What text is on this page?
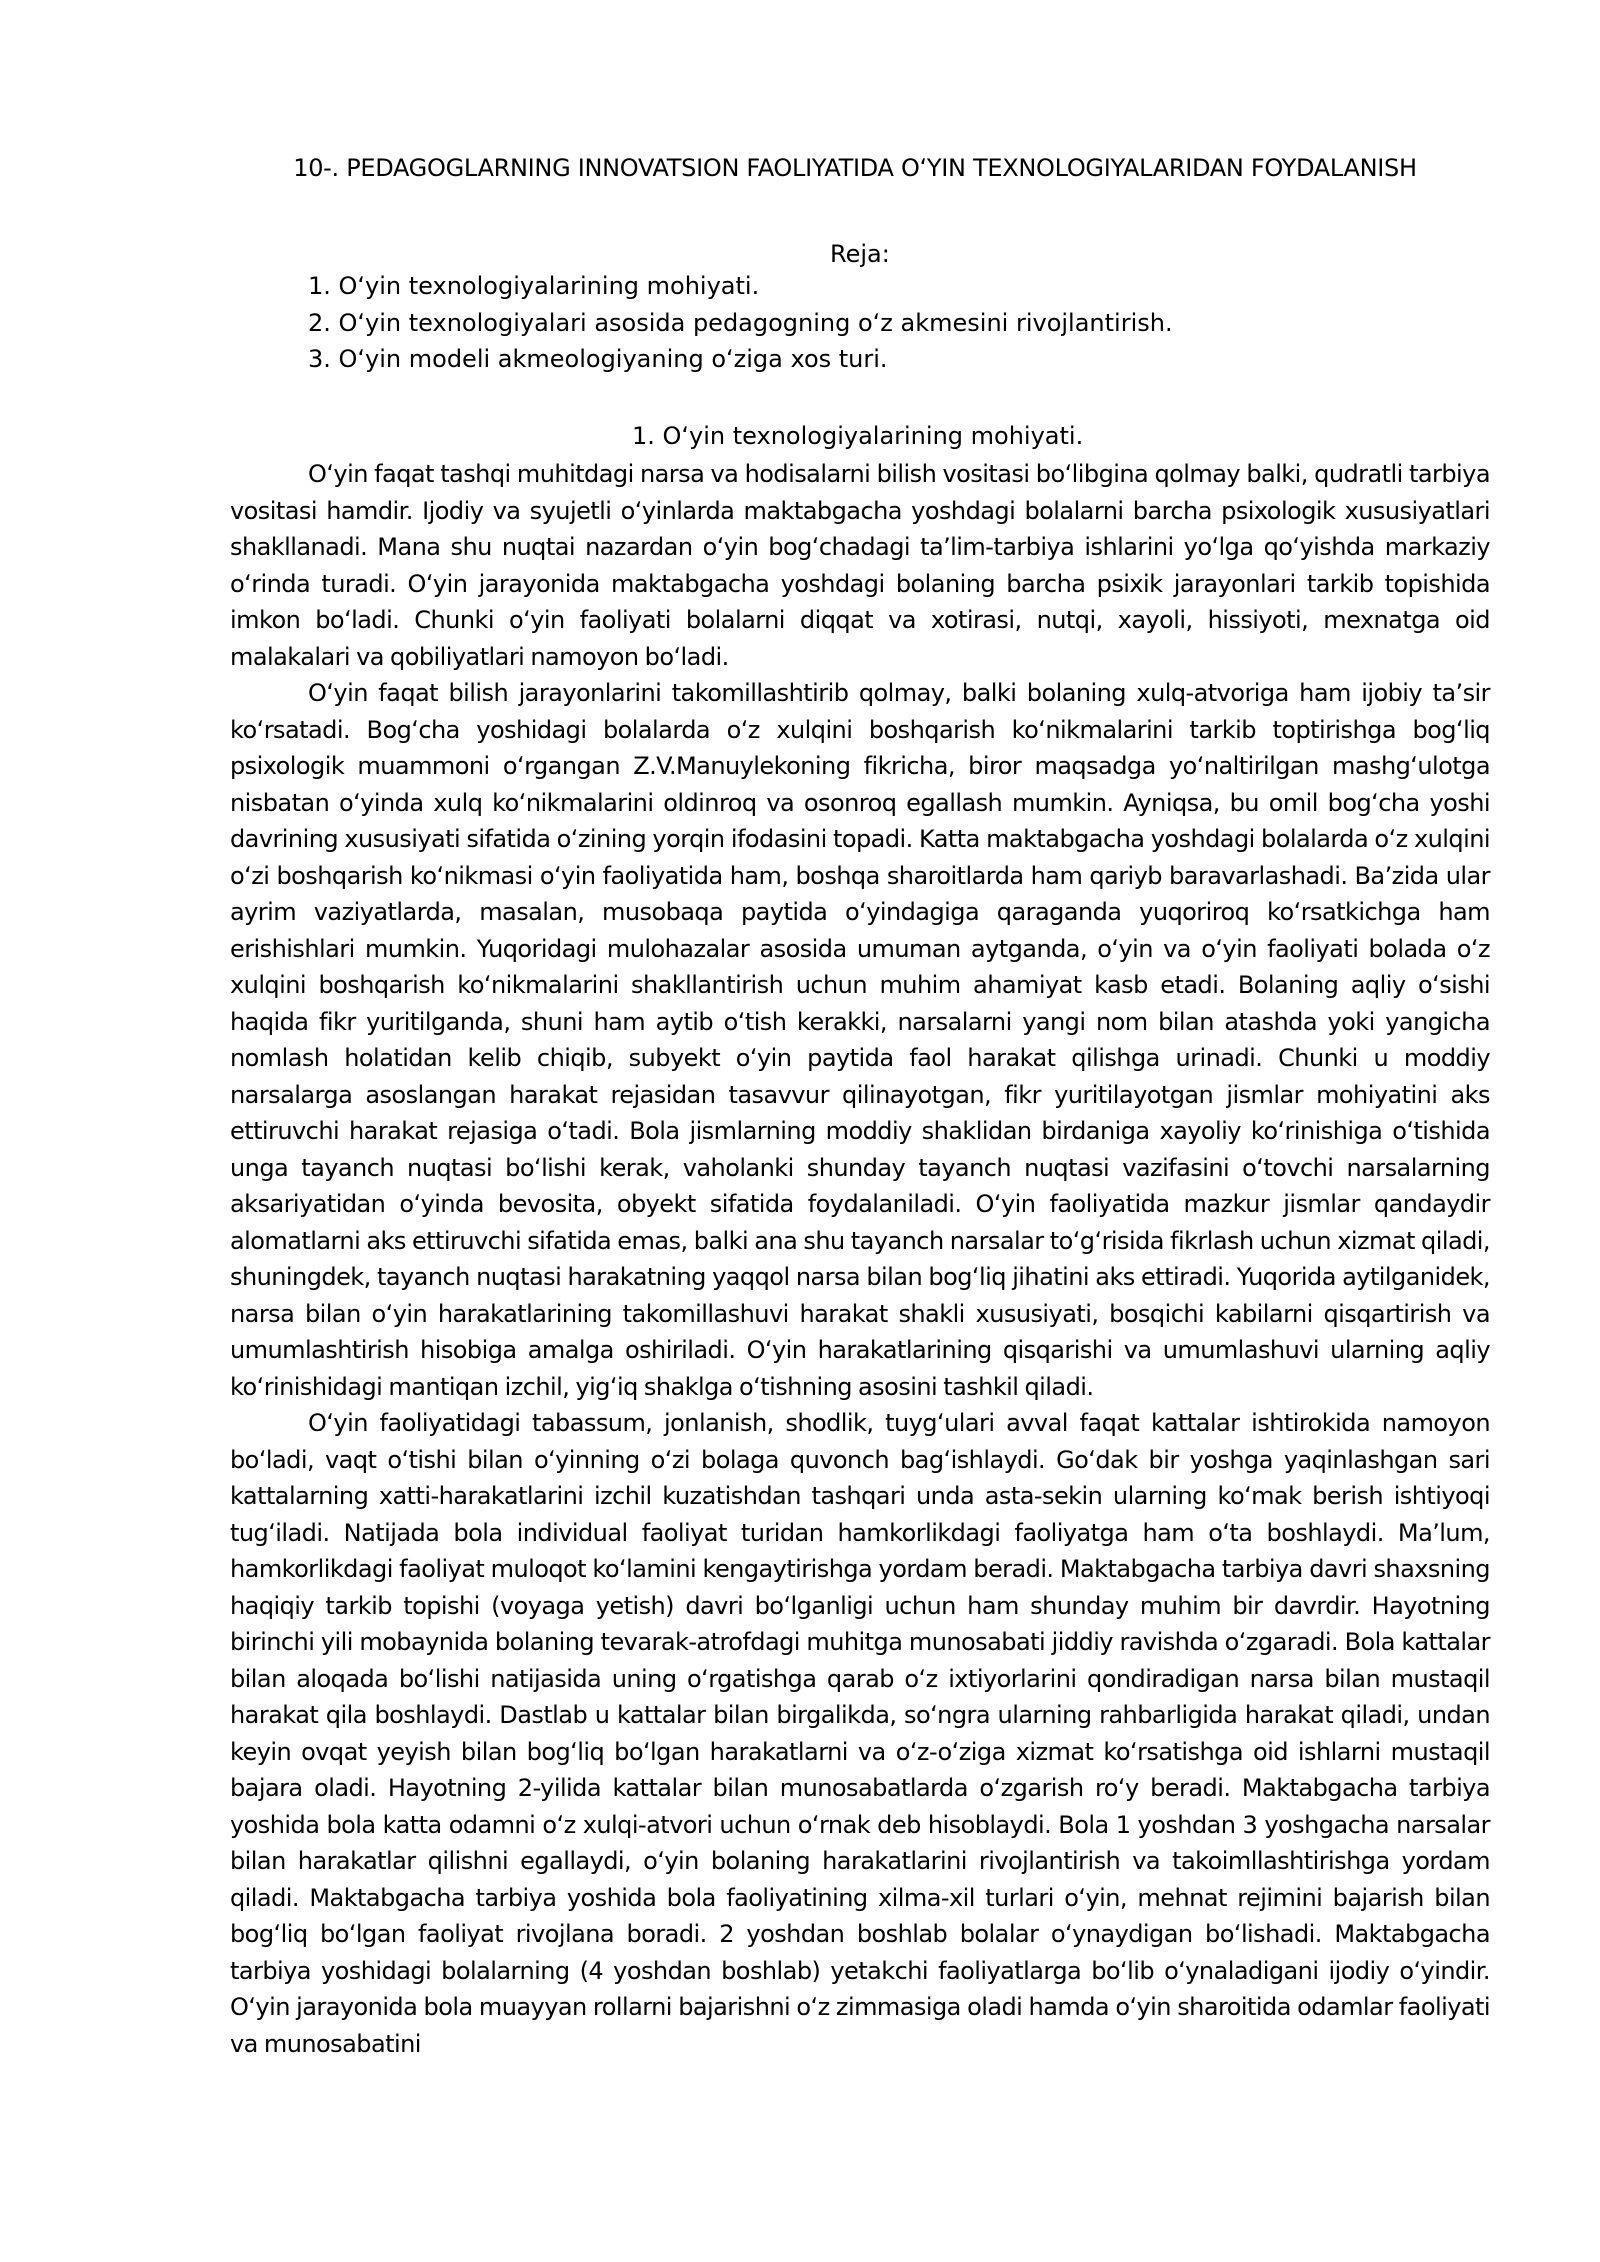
10-. PEDAGOGLARNING INNOVATSION FAOLIYATIDA OʻYIN TEXNOLOGIYALARIDAN FOYDALANISH
Reja:
1. Oʻyin texnologiyalarining mohiyati.
2. Oʻyin texnologiyalari asosida pedagogning oʻz akmesini rivojlantirish.
3. Oʻyin modeli akmeologiyaning oʻziga xos turi.
1. Oʻyin texnologiyalarining mohiyati.

Oʻyin faqat tashqi muhitdagi narsa va hodisalarni bilish vositasi boʻlibgina qolmay balki, qudratli tarbiya vositasi hamdir. Ijodiy va syujetli oʻyinlarda maktabgacha yoshdagi bolalarni barcha psixologik xususiyatlari shakllanadi. Mana shu nuqtai nazardan oʻyin bogʻchadagi taʼlim-tarbiya ishlarini yoʻlga qoʻyishda markaziy oʻrinda turadi. Oʻyin jarayonida maktabgacha yoshdagi bolaning barcha psixik jarayonlari tarkib topishida imkon boʻladi. Chunki oʻyin faoliyati bolalarni diqqat va xotirasi, nutqi, xayoli, hissiyoti, mexnatga oid malakalari va qobiliyatlari namoyon boʻladi.

Oʻyin faqat bilish jarayonlarini takomillashtirib qolmay, balki bolaning xulq-atvoriga ham ijobiy taʼsir koʻrsatadi. Bogʻcha yoshidagi bolalarda oʻz xulqini boshqarish koʻnikmalarini tarkib toptirishga bogʻliq psixologik muammoni oʻrgangan Z.V.Manuylekoning fikricha, biror maqsadga yoʻnaltirilgan mashgʻulotga nisbatan oʻyinda xulq koʻnikmalarini oldinroq va osonroq egallash mumkin. Ayniqsa, bu omil bogʻcha yoshi davrining xususiyati sifatida oʻzining yorqin ifodasini topadi. Katta maktabgacha yoshdagi bolalarda oʻz xulqini oʻzi boshqarish koʻnikmasi oʻyin faoliyatida ham, boshqa sharoitlarda ham qariyb baravarlashadi. Baʼzida ular ayrim vaziyatlarda, masalan, musobaqa paytida oʻyindagiga qaraganda yuqoriroq koʻrsatkichga ham erishishlari mumkin. Yuqoridagi mulohazalar asosida umuman aytganda, oʻyin va oʻyin faoliyati bolada oʻz xulqini boshqarish koʻnikmalarini shakllantirish uchun muhim ahamiyat kasb etadi. Bolaning aqliy oʻsishi haqida fikr yuritilganda, shuni ham aytib oʻtish kerakki, narsalarni yangi nom bilan atashda yoki yangicha nomlash holatidan kelib chiqib, subyekt oʻyin paytida faol harakat qilishga urinadi. Chunki u moddiy narsalarga asoslangan harakat rejasidan tasavvur qilinayotgan, fikr yuritilayotgan jismlar mohiyatini aks ettiruvchi harakat rejasiga oʻtadi. Bola jismlarning moddiy shaklidan birdaniga xayoliy koʻrinishiga oʻtishida unga tayanch nuqtasi boʻlishi kerak, vaholanki shunday tayanch nuqtasi vazifasini oʻtovchi narsalarning aksariyatidan oʻyinda bevosita, obyekt sifatida foydalaniladi. Oʻyin faoliyatida mazkur jismlar qandaydir alomatlarni aks ettiruvchi sifatida emas, balki ana shu tayanch narsalar toʻgʻrisida fikrlash uchun xizmat qiladi, shuningdek, tayanch nuqtasi harakatning yaqqol narsa bilan bogʻliq jihatini aks ettiradi. Yuqorida aytilganidek, narsa bilan oʻyin harakatlarining takomillashuvi harakat shakli xususiyati, bosqichi kabilarni qisqartirish va umumlashtirish hisobiga amalga oshiriladi. Oʻyin harakatlarining qisqarishi va umumlashuvi ularning aqliy koʻrinishidagi mantiqan izchil, yigʻiq shaklga oʻtishning asosini tashkil qiladi.

Oʻyin faoliyatidagi tabassum, jonlanish, shodlik, tuygʻulari avval faqat kattalar ishtirokida namoyon boʻladi, vaqt oʻtishi bilan oʻyinning oʻzi bolaga quvonch bagʻishlaydi. Goʻdak bir yoshga yaqinlashgan sari kattalarning xatti-harakatlarini izchil kuzatishdan tashqari unda asta-sekin ularning koʻmak berish ishtiyoqi tugʻiladi. Natijada bola individual faoliyat turidan hamkorlikdagi faoliyatga ham oʻta boshlaydi. Maʼlum, hamkorlikdagi faoliyat muloqot koʻlamini kengaytirishga yordam beradi. Maktabgacha tarbiya davri shaxsning haqiqiy tarkib topishi (voyaga yetish) davri boʻlganligi uchun ham shunday muhim bir davrdir. Hayotning birinchi yili mobaynida bolaning tevarak-atrofdagi muhitga munosabati jiddiy ravishda oʻzgaradi. Bola kattalar bilan aloqada boʻlishi natijasida uning oʻrgatishga qarab oʻz ixtiyorlarini qondiradigan narsa bilan mustaqil harakat qila boshlaydi. Dastlab u kattalar bilan birgalikda, soʻngra ularning rahbarligida harakat qiladi, undan keyin ovqat yeyish bilan bogʻliq boʻlgan harakatlarni va oʻz-oʻziga xizmat koʻrsatishga oid ishlarni mustaqil bajara oladi. Hayotning 2-yilida kattalar bilan munosabatlarda oʻzgarish roʻy beradi. Maktabgacha tarbiya yoshida bola katta odamni oʻz xulqi-atvori uchun oʻrnak deb hisoblaydi. Bola 1 yoshdan 3 yoshgacha narsalar bilan harakatlar qilishni egallaydi, oʻyin bolaning harakatlarini rivojlantirish va takoimllashtirishga yordam qiladi. Maktabgacha tarbiya yoshida bola faoliyatining xilma-xil turlari oʻyin, mehnat rejimini bajarish bilan bogʻliq boʻlgan faoliyat rivojlana boradi. 2 yoshdan boshlab bolalar oʻynaydigan boʻlishadi. Maktabgacha tarbiya yoshidagi bolalarning (4 yoshdan boshlab) yetakchi faoliyatlarga boʻlib oʻynaladigani ijodiy oʻyindir. Oʻyin jarayonida bola muayyan rollarni bajarishni oʻz zimmasiga oladi hamda oʻyin sharoitida odamlar faoliyati va munosabatini
